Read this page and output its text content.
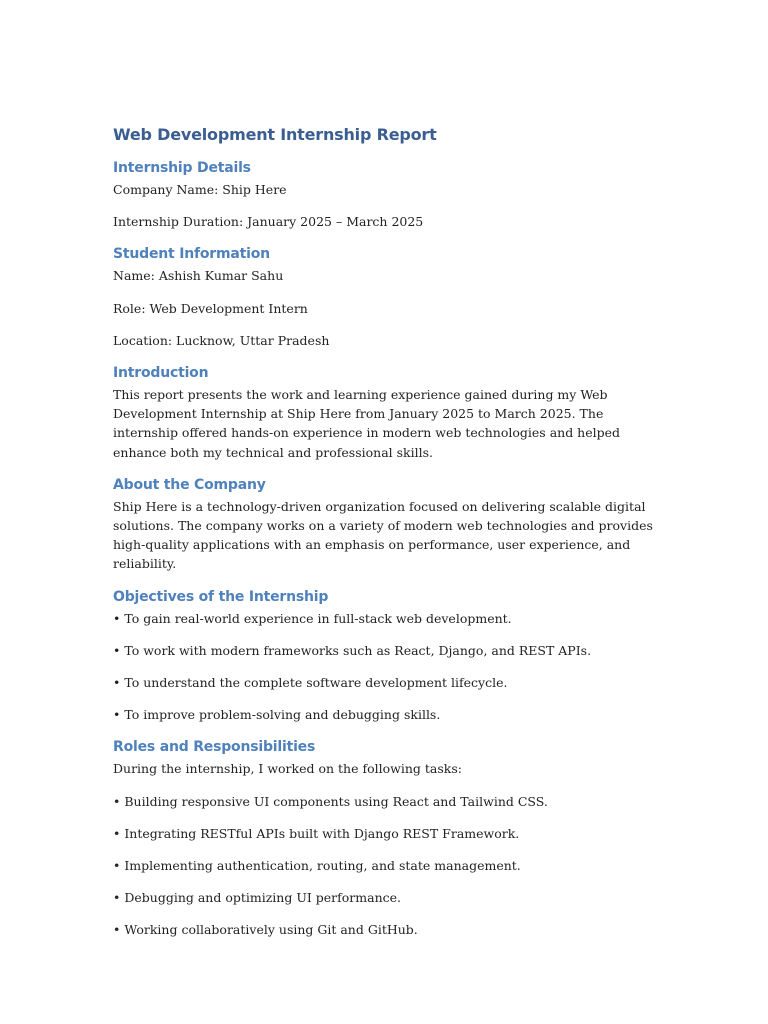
Web Development Internship Report
Internship Details

Company Name: Ship Here

Internship Duration: January 2025 – March 2025

Student Information

Name: Ashish Kumar Sahu

Role: Web Development Intern

Location: Lucknow, Uttar Pradesh

Introduction

This report presents the work and learning experience gained during my Web Development Internship at Ship Here from January 2025 to March 2025. The internship offered hands-on experience in modern web technologies and helped enhance both my technical and professional skills.

About the Company

Ship Here is a technology-driven organization focused on delivering scalable digital solutions. The company works on a variety of modern web technologies and provides high-quality applications with an emphasis on performance, user experience, and reliability.

Objectives of the Internship

• To gain real-world experience in full-stack web development.

• To work with modern frameworks such as React, Django, and REST APIs.

• To understand the complete software development lifecycle.

• To improve problem-solving and debugging skills.

Roles and Responsibilities

During the internship, I worked on the following tasks:

• Building responsive UI components using React and Tailwind CSS.

• Integrating RESTful APIs built with Django REST Framework.

• Implementing authentication, routing, and state management.

• Debugging and optimizing UI performance.

• Working collaboratively using Git and GitHub.
